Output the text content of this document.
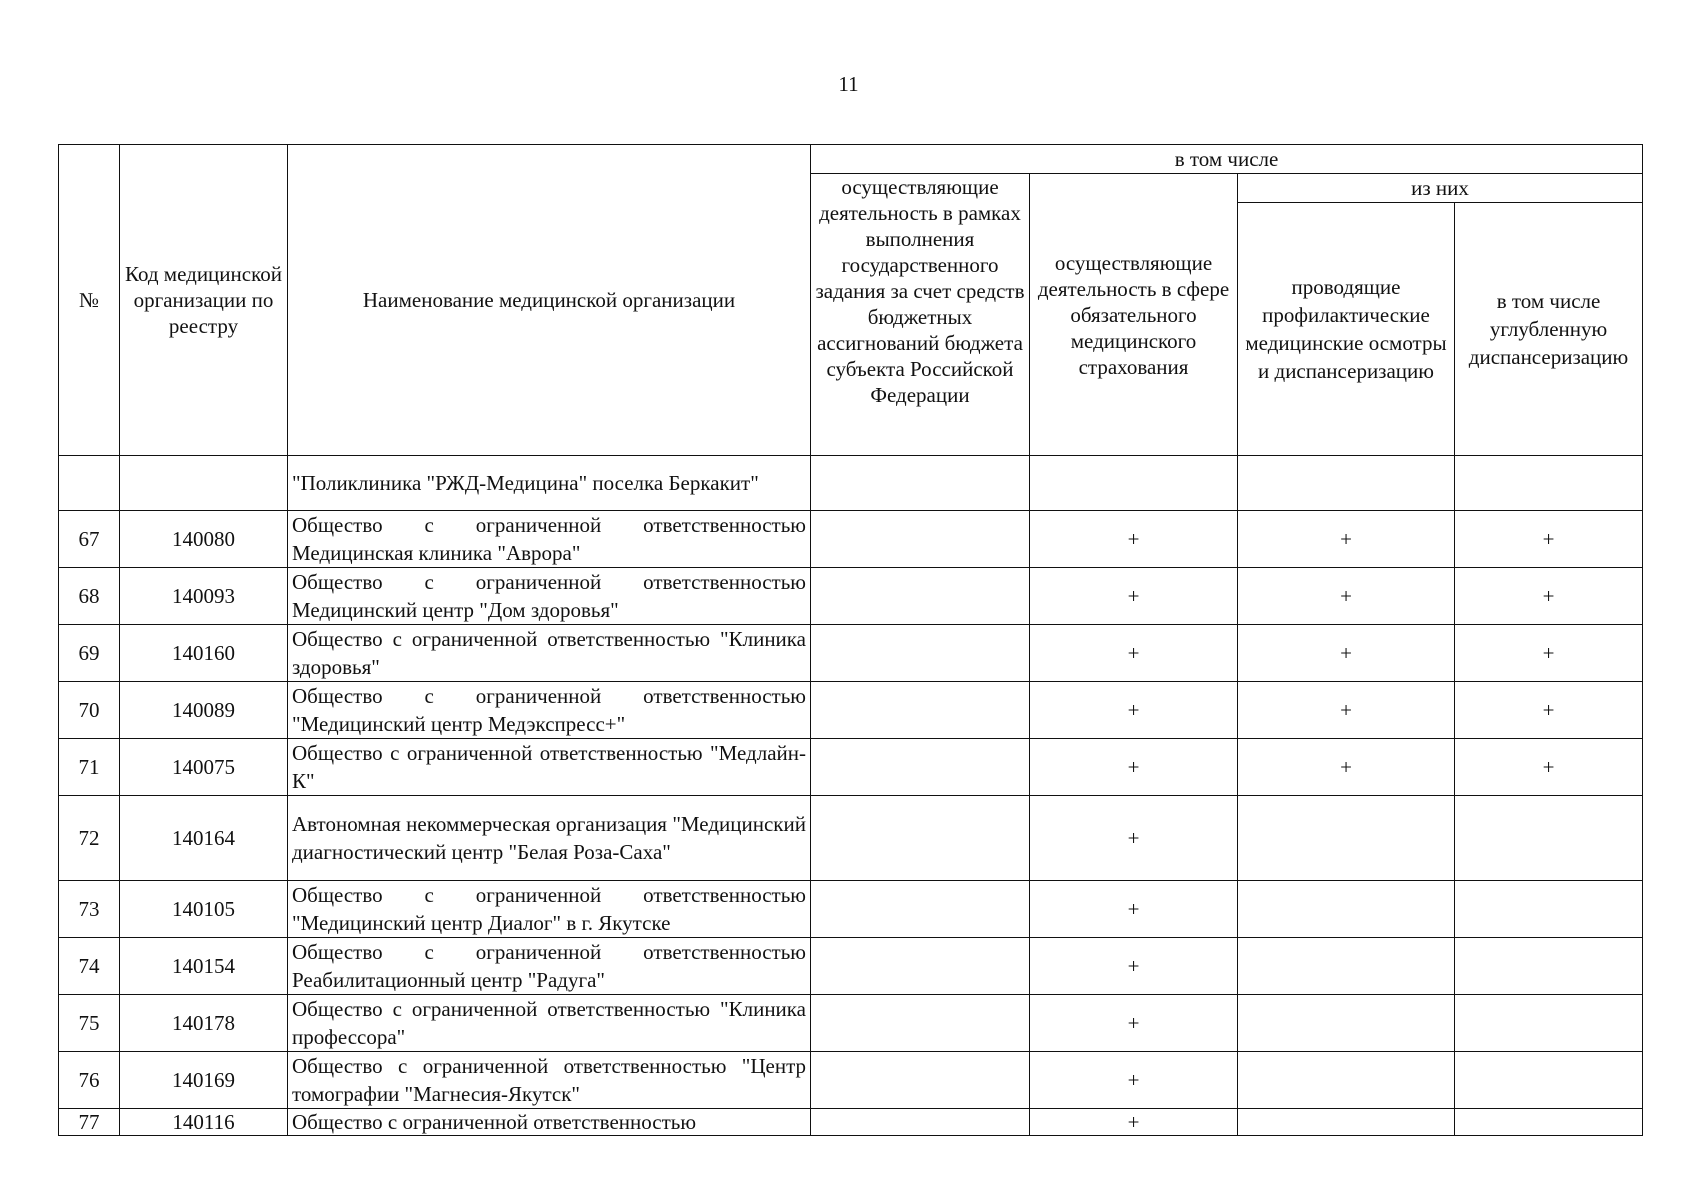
11
№	Код медицинской организации по реестру	Наименование медицинской организации	в том числе			
			осуществляющие деятельность в рамках выполнения государственного задания за счет средств бюджетных ассигнований бюджета субъекта Российской Федерации	осуществляющие деятельность в сфере обязательного медицинского страхования	из них	
					проводящие профилактические медицинские осмотры и диспансеризацию	в том числе углубленную диспансеризацию
		"Поликлиника "РЖД-Медицина" поселка Беркакит"				
67	140080	Общество с ограниченной ответственностью Медицинская клиника "Аврора"		+	+	+
68	140093	Общество с ограниченной ответственностью Медицинский центр "Дом здоровья"		+	+	+
69	140160	Общество с ограниченной ответственностью "Клиника здоровья"		+	+	+
70	140089	Общество с ограниченной ответственностью "Медицинский центр Медэкспресс+"		+	+	+
71	140075	Общество с ограниченной ответственностью "Медлайн-К"		+	+	+
72	140164	Автономная некоммерческая организация "Медицинский диагностический центр "Белая Роза-Саха"		+		
73	140105	Общество с ограниченной ответственностью "Медицинский центр Диалог" в г. Якутске		+		
74	140154	Общество с ограниченной ответственностью Реабилитационный центр "Радуга"		+		
75	140178	Общество с ограниченной ответственностью "Клиника профессора"		+		
76	140169	Общество с ограниченной ответственностью "Центр томографии "Магнесия-Якутск"		+		
77	140116	Общество с ограниченной ответственностью		+		
